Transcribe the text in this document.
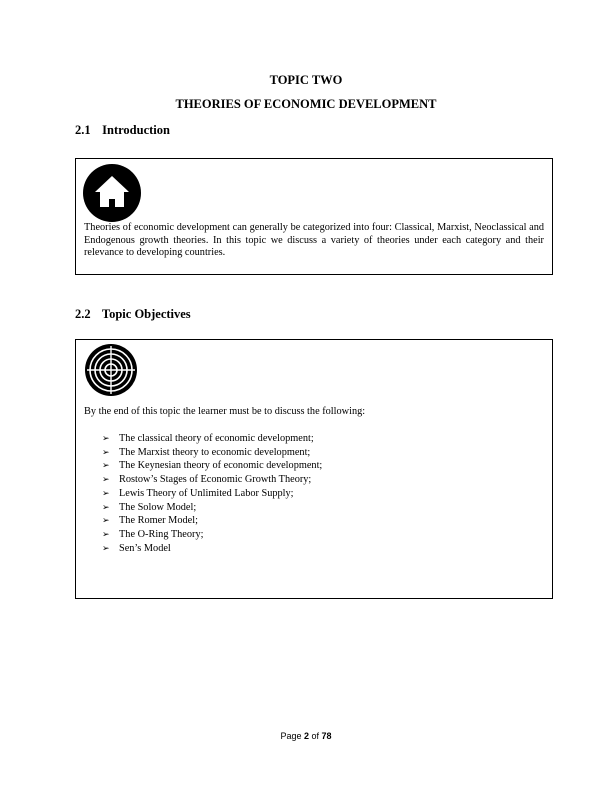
TOPIC TWO
THEORIES OF ECONOMIC DEVELOPMENT
2.1 Introduction
Theories of economic development can generally be categorized into four: Classical, Marxist, Neoclassical and Endogenous growth theories. In this topic we discuss a variety of theories under each category and their relevance to developing countries.
2.2 Topic Objectives
By the end of this topic the learner must be to discuss the following:
➢ The classical theory of economic development;
➢ The Marxist theory to economic development;
➢ The Keynesian theory of economic development;
➢ Rostow’s Stages of Economic Growth Theory;
➢ Lewis Theory of Unlimited Labor Supply;
➢ The Solow Model;
➢ The Romer Model;
➢ The O-Ring Theory;
➢ Sen’s Model
Page 2 of 78
